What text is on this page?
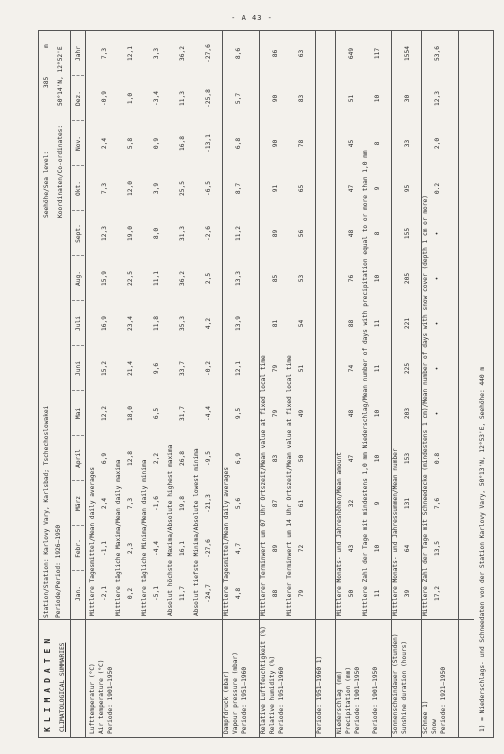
- A 43 -
KLIMADATEN CLIMATOLOGICAL SUMMARIES
Station/Station: Karlovy Vary, Karlsbad; Tschechoslowakei Periode/Period: 1926–1950
Seehöhe/Sea level:
385
m
Koordinaten/Co-ordinates:
50°14'N, 12°52'E
Jan.
Febr.
März
April
Mai
Juni
Juli
Aug.
Sept.
Okt.
Nov.
Dez.
Jahr
Lufttemperatur (°C) Air temperature (°C) Periode: 1901–1950
Mittlere Tagesmittel/Mean daily averages -2,1
-1,1
2,4
6,9
12,2
15,2
16,9
15,9
12,3
7,3
2,4
-0,9
7,3
Mittlere tägliche Maxima/Mean daily maxima 0,2
2,3
7,3
12,8
18,0
21,4
23,4
22,5
19,0
12,0
5,8
1,0
12,1
Mittlere tägliche Minima/Mean daily minima -5,1
-4,4
-1,6
2,2
6,5
9,6
11,8
11,1
8,0
3,9
0,9
-3,4
3,3
Absolut höchste Maxima/Absolute highest maxima 11,7
16,1
19,8
26,8
31,7
33,7
35,3
36,2
31,3
25,5
16,8
11,3
36,2
Absolut tiefste Minima/Absolute lowest minima -24,7
-27,6
-21,3
-9,5
-4,4
-0,2
4,2
2,5
-2,6
-6,5
-13,1
-25,8
-27,6
Dampfdruck (mbar) Vapour pressure (mbar) Periode: 1951–1960
Mittlere Tagesmittel/Mean daily averages 4,8
4,7
5,6
6,9
9,5
12,1
13,9
13,3
11,2
8,7
6,8
5,7
8,6
Relative Luftfeuchtigkeit (%) Relative humidity (%) Periode: 1951–1960
Mittlerer Terminwert um 07 Uhr Ortszeit/Mean value at fixed local time 88
89
87
83
79
79
81
85
89
91
90
90
86
Mittlerer Terminwert um 14 Uhr Ortszeit/Mean value at fixed local time 79
72
61
50
49
51
54
53
56
65
78
83
63
Periode: 1951–1960 1) Niederschlag (mm) Precipitation (mm) Periode: 1901–1950 Periode: 1901–1950
Mittlere Monats- und Jahreshöhen/Mean amount 50
43
32
47
48
74
88
76
48
47
45
51
649
Mittlere Zahl der Tage mit mindestens 1,0 mm Niederschlag/Mean number of days with precipitation equal to or more than 1,0 mm 11
10
9
10
10
11
11
10
8
9
8
10
117
Sonnenscheindauer (Stunden) Sunshine duration (hours)
Mittlere Monats- und Jahressummen/Mean number 39
64
131
153
203
225
221
205
155
95
33
30
1554
Schnee 1) Snow Periode: 1921–1950
Mittlere Zahl der Tage mit Schneedecke (mindestens 1 cm)/Mean number of days with snow cover (depth 1 cm or more) 17,2
13,5
7,6
0.8
•
•
•
•
•
0.2
2,0
12,3
53,6
1) = Niederschlags- und Schneedaten von der Station Karlovy Vary, 50°13'N, 12°53'E, Seehöhe: 440 m
